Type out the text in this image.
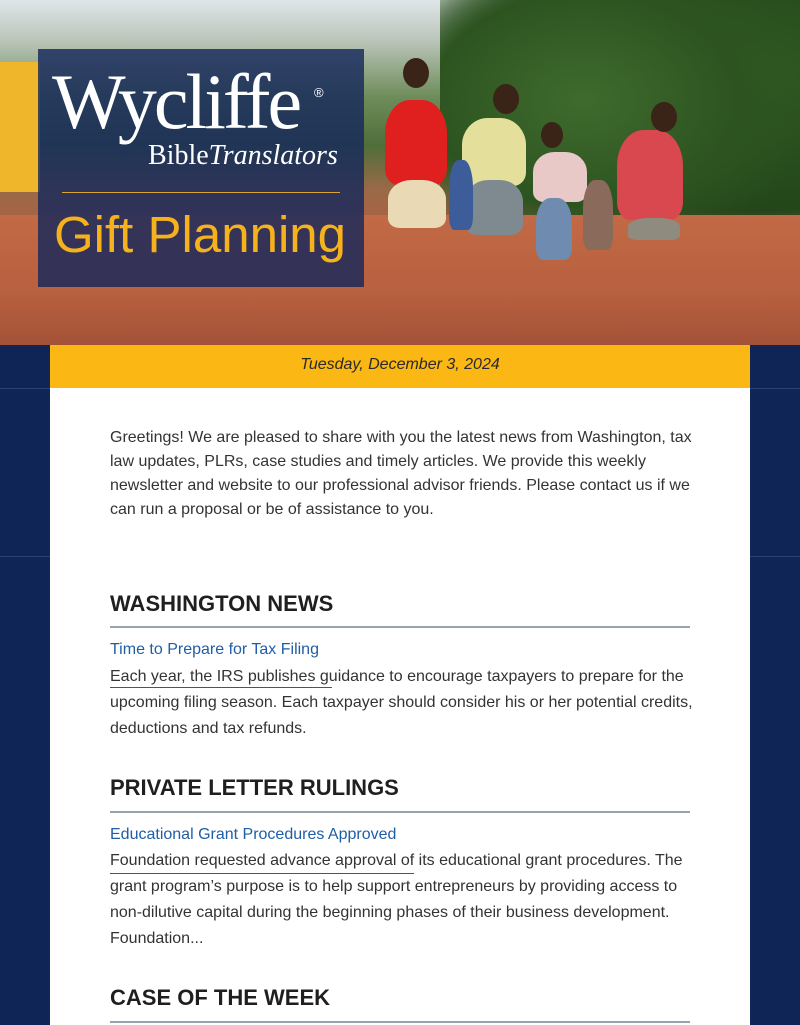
Wycliffe ®
BibleTranslators
Gift Planning
Tuesday, December 3, 2024

Greetings! We are pleased to share with you the latest news from Washington, tax law updates, PLRs, case studies and timely articles. We provide this weekly newsletter and website to our professional advisor friends. Please contact us if we can run a proposal or be of assistance to you.

WASHINGTON NEWS

Time to Prepare for Tax Filing

Each year, the IRS publishes guidance to encourage taxpayers to prepare for the upcoming filing season. Each taxpayer should consider his or her potential credits, deductions and tax refunds.

PRIVATE LETTER RULINGS

Educational Grant Procedures Approved

Foundation requested advance approval of its educational grant procedures. The grant program’s purpose is to help support entrepreneurs by providing access to non-dilutive capital during the beginning phases of their business development. Foundation...

CASE OF THE WEEK
